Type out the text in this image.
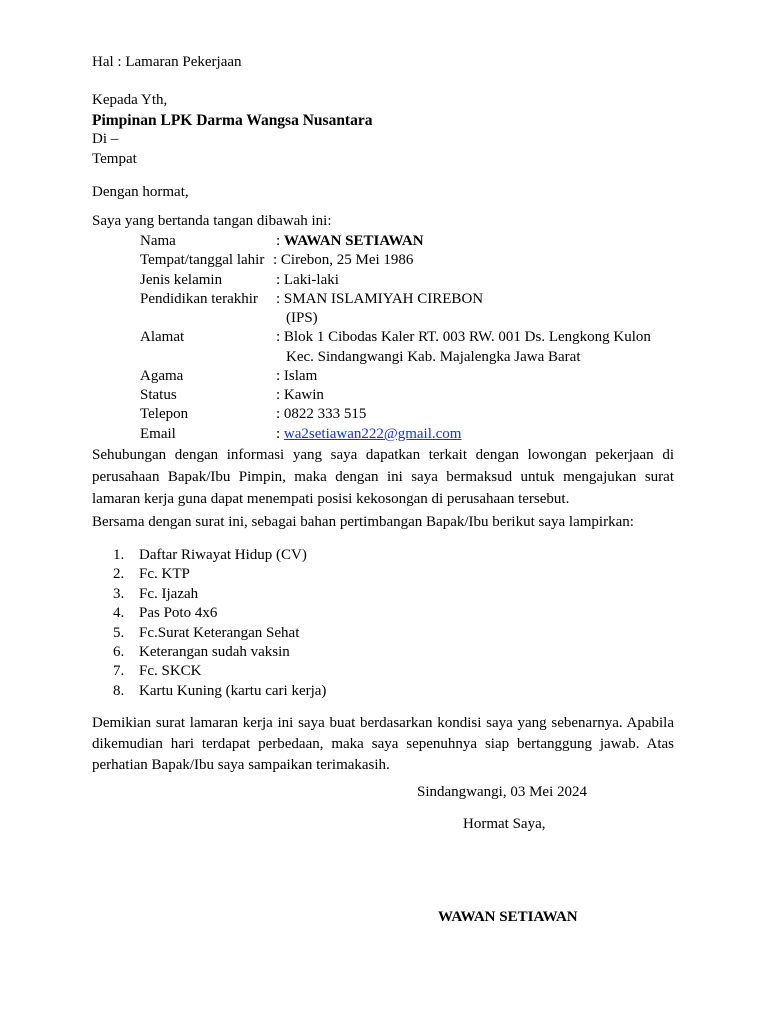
Hal : Lamaran Pekerjaan
Kepada Yth,
Pimpinan LPK Darma Wangsa Nusantara
Di –
Tempat
Dengan hormat,
Saya yang bertanda tangan dibawah ini:
Nama	: WAWAN SETIAWAN
Tempat/tanggal lahir : Cirebon, 25 Mei 1986
Jenis kelamin	: Laki-laki
Pendidikan terakhir : SMAN ISLAMIYAH CIREBON
(IPS)
Alamat	: Blok 1 Cibodas Kaler RT. 003 RW. 001 Ds. Lengkong Kulon
Kec. Sindangwangi Kab. Majalengka Jawa Barat
Agama	: Islam
Status	: Kawin
Telepon	: 0822 333 515
Email	: wa2setiawan222@gmail.com

Sehubungan dengan informasi yang saya dapatkan terkait dengan lowongan pekerjaan di perusahaan Bapak/Ibu Pimpin, maka dengan ini saya bermaksud untuk mengajukan surat lamaran kerja guna dapat menempati posisi kekosongan di perusahaan tersebut.

Bersama dengan surat ini, sebagai bahan pertimbangan Bapak/Ibu berikut saya lampirkan:
1. Daftar Riwayat Hidup (CV)
2. Fc. KTP
3. Fc. Ijazah
4. Pas Poto 4x6
5. Fc.Surat Keterangan Sehat
6. Keterangan sudah vaksin
7. Fc. SKCK
8. Kartu Kuning (kartu cari kerja)

Demikian surat lamaran kerja ini saya buat berdasarkan kondisi saya yang sebenarnya. Apabila dikemudian hari terdapat perbedaan, maka saya sepenuhnya siap bertanggung jawab. Atas perhatian Bapak/Ibu saya sampaikan terimakasih.

Sindangwangi, 03 Mei 2024
Hormat Saya,
WAWAN SETIAWAN
